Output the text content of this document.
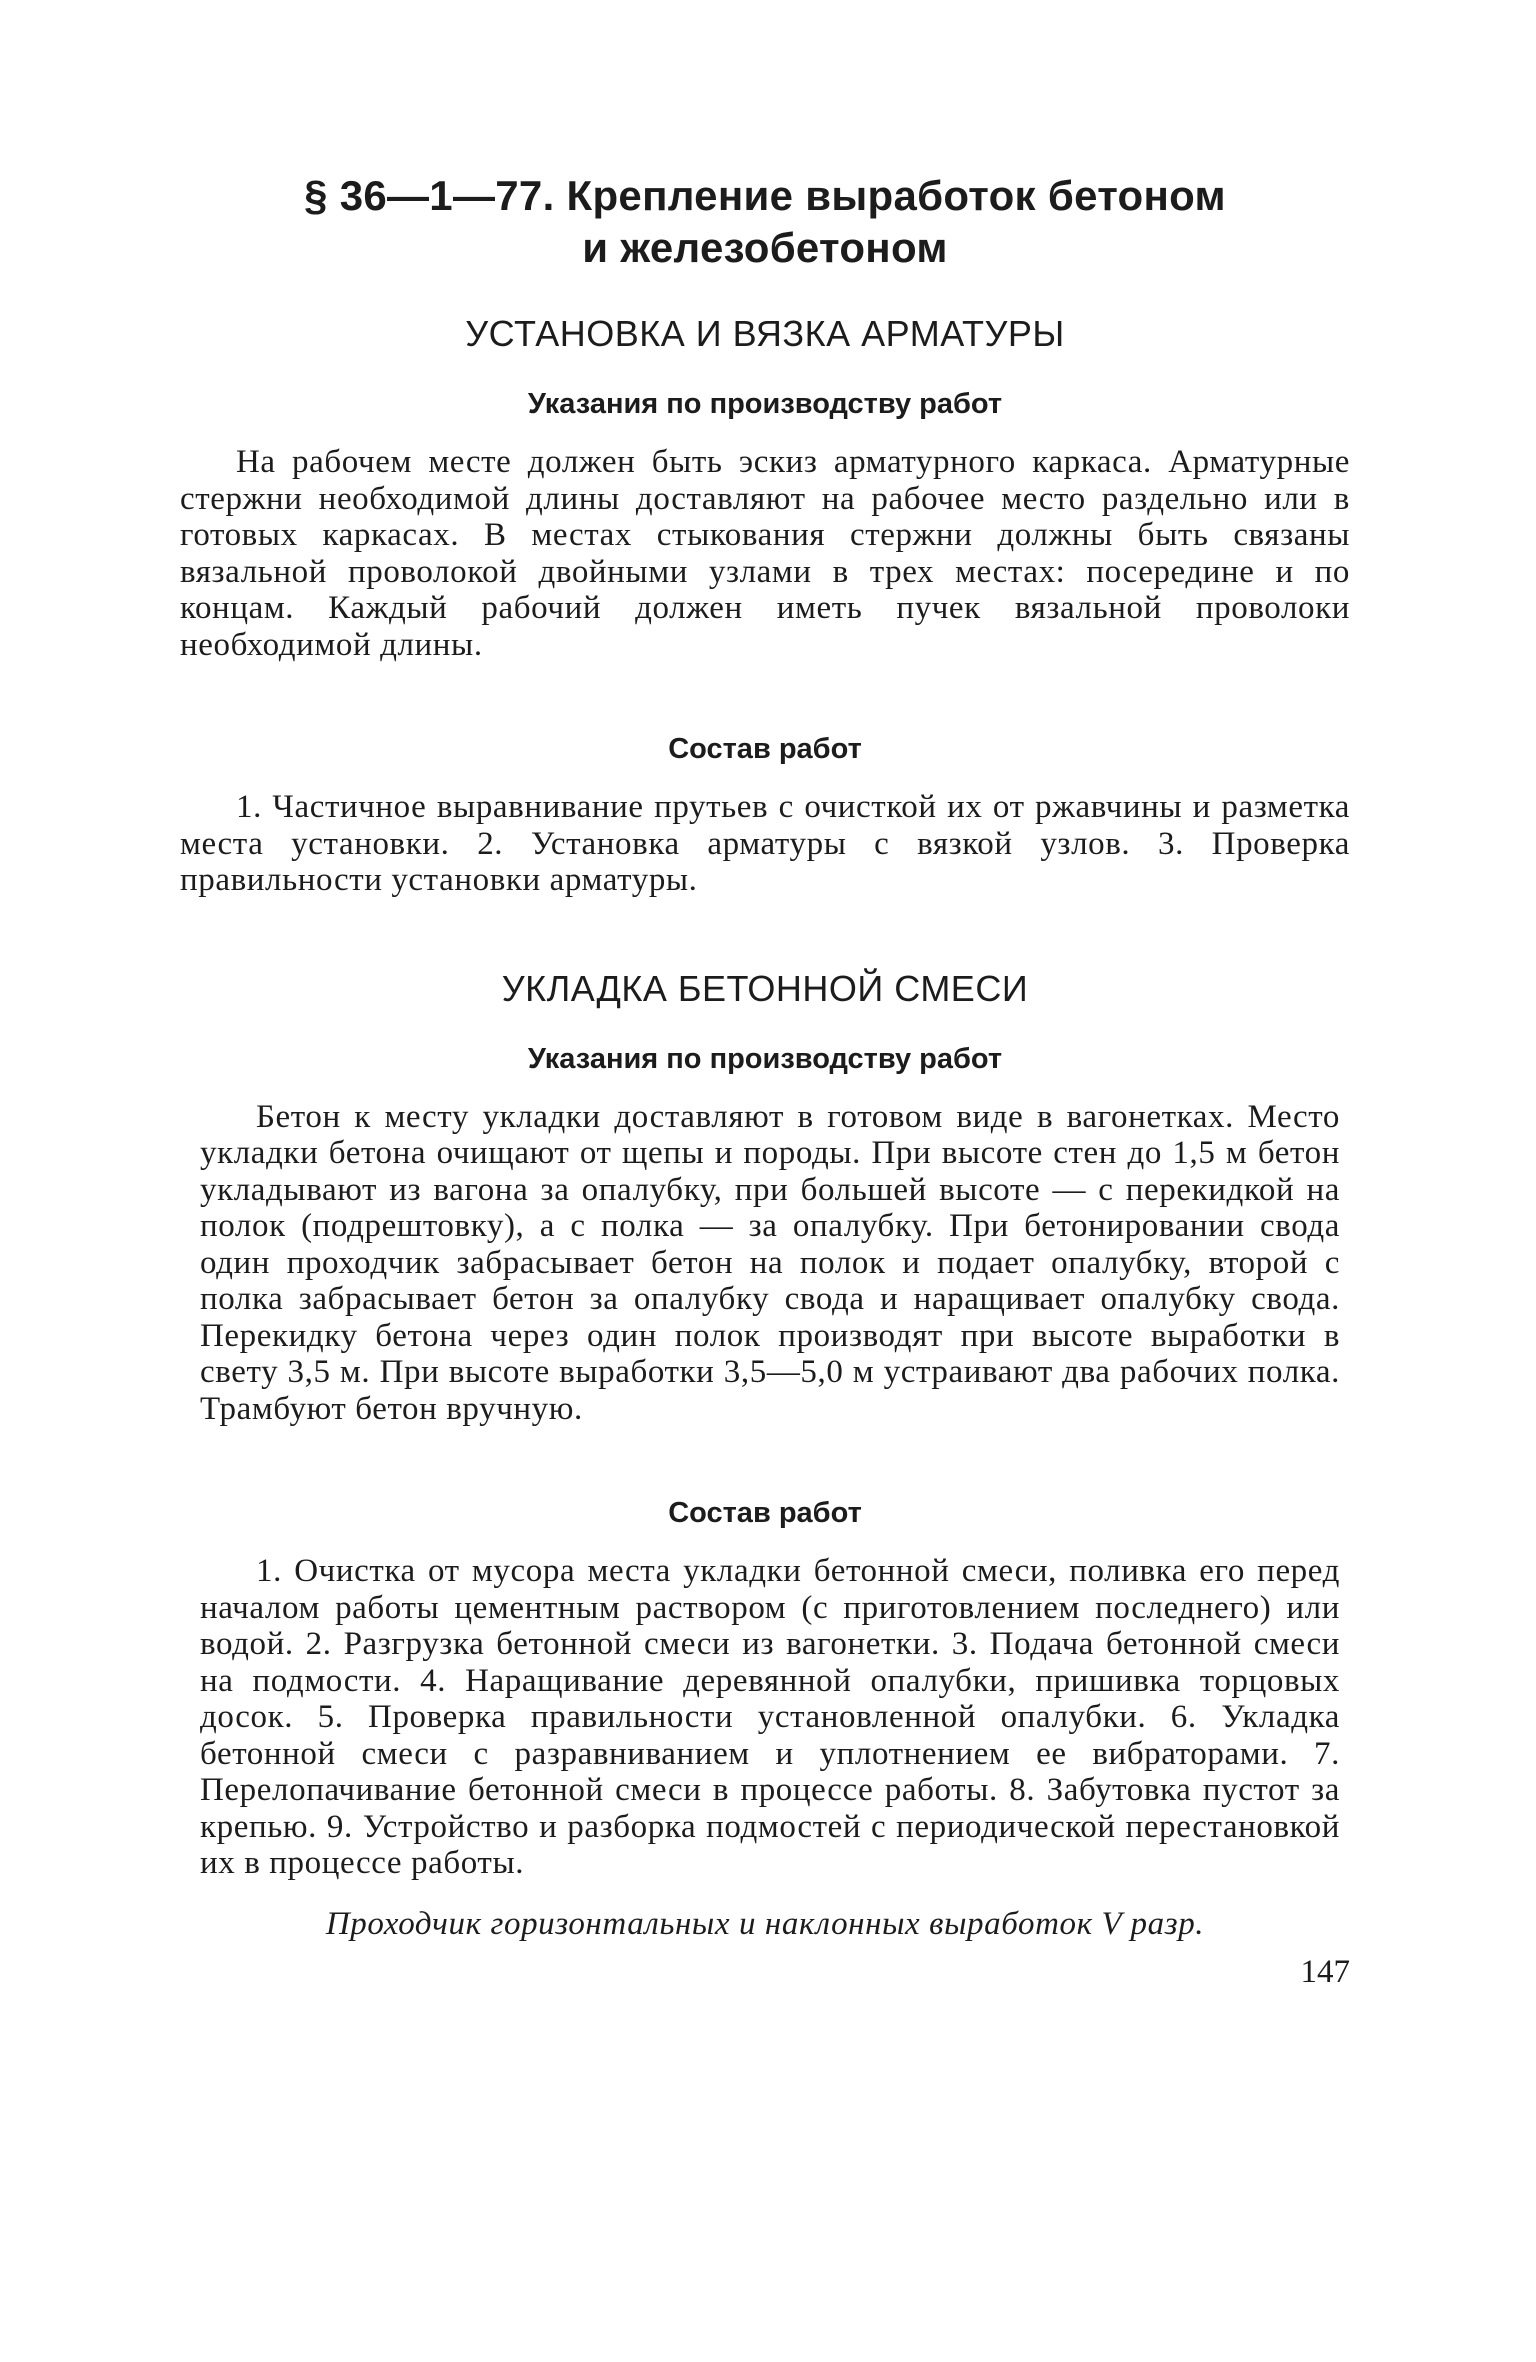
§ 36—1—77. Крепление выработок бетоном
и железобетоном
УСТАНОВКА И ВЯЗКА АРМАТУРЫ
Указания по производству работ

На рабочем месте должен быть эскиз арматурного каркаса. Арматурные стержни необходимой длины доставляют на рабочее место раздельно или в готовых каркасах. В местах стыкования стержни должны быть связаны вязальной проволокой двойными узлами в трех местах: посередине и по концам. Каждый рабочий должен иметь пучек вязальной проволоки необходимой длины.

Состав работ

1. Частичное выравнивание прутьев с очисткой их от ржавчины и разметка места установки. 2. Установка арматуры с вязкой узлов. 3. Проверка правильности установки арматуры.

УКЛАДКА БЕТОННОЙ СМЕСИ
Указания по производству работ

Бетон к месту укладки доставляют в готовом виде в вагонетках. Место укладки бетона очищают от щепы и породы. При высоте стен до 1,5 м бетон укладывают из вагона за опалубку, при большей высоте — с перекидкой на полок (подрештовку), а с полка — за опалубку. При бетонировании свода один проходчик забрасывает бетон на полок и подает опалубку, второй с полка забрасывает бетон за опалубку свода и наращивает опалубку свода. Перекидку бетона через один полок производят при высоте выработки в свету 3,5 м. При высоте выработки 3,5—5,0 м устраивают два рабочих полка. Трамбуют бетон вручную.

Состав работ

1. Очистка от мусора места укладки бетонной смеси, поливка его перед началом работы цементным раствором (с приготовлением последнего) или водой. 2. Разгрузка бетонной смеси из вагонетки. 3. Подача бетонной смеси на подмости. 4. Наращивание деревянной опалубки, пришивка торцовых досок. 5. Проверка правильности установленной опалубки. 6. Укладка бетонной смеси с разравниванием и уплотнением ее вибраторами. 7. Перелопачивание бетонной смеси в процессе работы. 8. Забутовка пустот за крепью. 9. Устройство и разборка подмостей с периодической перестановкой их в процессе работы.

Проходчик горизонтальных и наклонных выработок V разр.

147
